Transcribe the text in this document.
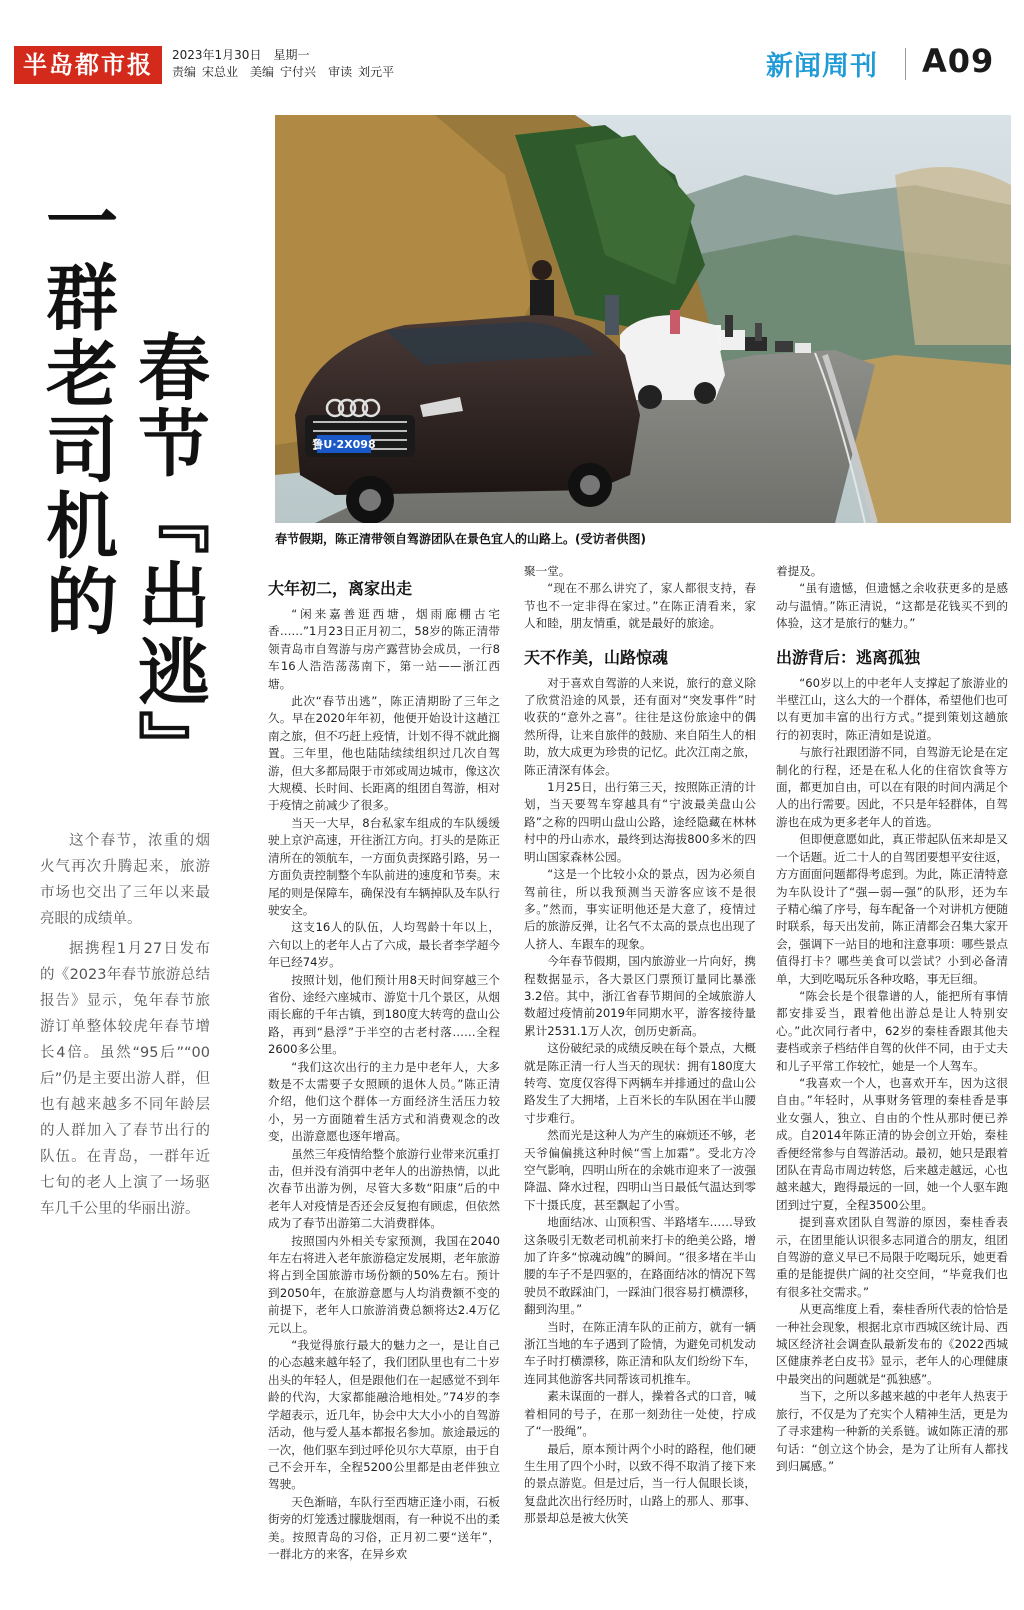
半岛都市报	2023年1月30日 星期一
责编 宋总业 美编 宁付兴 审读 刘元平	新闻周刊 A09
一群老司机的 春节『出逃』

这个春节，浓重的烟火气再次升腾起来，旅游市场也交出了三年以来最亮眼的成绩单。

据携程1月27日发布的《2023年春节旅游总结报告》显示，兔年春节旅游订单整体较虎年春节增长4倍。虽然“95后”“00后”仍是主要出游人群，但也有越来越多不同年龄层的人群加入了春节出行的队伍。在青岛，一群年近七旬的老人上演了一场驱车几千公里的华丽出游。

鲁U·2X098
春节假期，陈正清带领自驾游团队在景色宜人的山路上。(受访者供图)
大年初二，离家出走

“闲来嘉善逛西塘，烟雨廊棚古宅香……”1月23日正月初二，58岁的陈正清带领青岛市自驾游与房产露营协会成员，一行8车16人浩浩荡荡南下，第一站——浙江西塘。

此次“春节出逃”，陈正清期盼了三年之久。早在2020年年初，他便开始设计这趟江南之旅，但不巧赶上疫情，计划不得不就此搁置。三年里，他也陆陆续续组织过几次自驾游，但大多都局限于市郊或周边城市，像这次大规模、长时间、长距离的组团自驾游，相对于疫情之前减少了很多。

当天一大早，8台私家车组成的车队缓缓驶上京沪高速，开往浙江方向。打头的是陈正清所在的领航车，一方面负责探路引路，另一方面负责控制整个车队前进的速度和节奏。末尾的则是保障车，确保没有车辆掉队及车队行驶安全。

这支16人的队伍，人均驾龄十年以上，六旬以上的老年人占了六成，最长者李学超今年已经74岁。

按照计划，他们预计用8天时间穿越三个省份、途经六座城市、游览十几个景区，从烟雨长廊的千年古镇，到180度大转弯的盘山公路，再到“悬浮”于半空的古老村落……全程2600多公里。

“我们这次出行的主力是中老年人，大多数是不太需要子女照顾的退休人员。”陈正清介绍，他们这个群体一方面经济生活压力较小，另一方面随着生活方式和消费观念的改变，出游意愿也逐年增高。

虽然三年疫情给整个旅游行业带来沉重打击，但并没有消弭中老年人的出游热情，以此次春节出游为例，尽管大多数“阳康”后的中老年人对疫情是否还会反复抱有顾虑，但依然成为了春节出游第二大消费群体。

按照国内外相关专家预测，我国在2040年左右将进入老年旅游稳定发展期，老年旅游将占到全国旅游市场份额的50%左右。预计到2050年，在旅游意愿与人均消费额不变的前提下，老年人口旅游消费总额将达2.4万亿元以上。

“我觉得旅行最大的魅力之一，是让自己的心态越来越年轻了，我们团队里也有二十岁出头的年轻人，但是跟他们在一起感觉不到年龄的代沟，大家都能融洽地相处。”74岁的李学超表示，近几年，协会中大大小小的自驾游活动，他与爱人基本都报名参加。旅途最远的一次，他们驱车到过呼伦贝尔大草原，由于自己不会开车，全程5200公里都是由老伴独立驾驶。

天色渐暗，车队行至西塘正逢小雨，石板街旁的灯笼透过朦胧烟雨，有一种说不出的柔美。按照青岛的习俗，正月初二要“送年”，一群北方的来客，在异乡欢

聚一堂。

“现在不那么讲究了，家人都很支持，春节也不一定非得在家过。”在陈正清看来，家人和睦，朋友情重，就是最好的旅途。

天不作美，山路惊魂

对于喜欢自驾游的人来说，旅行的意义除了欣赏沿途的风景，还有面对“突发事件”时收获的“意外之喜”。往往是这份旅途中的偶然所得，让来自旅伴的鼓励、来自陌生人的相助，放大成更为珍贵的记忆。此次江南之旅，陈正清深有体会。

1月25日，出行第三天，按照陈正清的计划，当天要驾车穿越具有“宁波最美盘山公路”之称的四明山盘山公路，途经隐藏在林林村中的丹山赤水，最终到达海拔800多米的四明山国家森林公园。

“这是一个比较小众的景点，因为必须自驾前往，所以我预测当天游客应该不是很多。”然而，事实证明他还是大意了，疫情过后的旅游反弹，让名气不太高的景点也出现了人挤人、车跟车的现象。

今年春节假期，国内旅游业一片向好，携程数据显示，各大景区门票预订量同比暴涨3.2倍。其中，浙江省春节期间的全域旅游人数超过疫情前2019年同期水平，游客接待量累计2531.1万人次，创历史新高。

这份破纪录的成绩反映在每个景点，大概就是陈正清一行人当天的现状：拥有180度大转弯、宽度仅容得下两辆车并排通过的盘山公路发生了大拥堵，上百米长的车队困在半山腰寸步难行。

然而光是这种人为产生的麻烦还不够，老天爷偏偏挑这种时候“雪上加霜”。受北方冷空气影响，四明山所在的余姚市迎来了一波强降温、降水过程，四明山当日最低气温达到零下十摄氏度，甚至飘起了小雪。

地面结冰、山顶积雪、半路堵车……导致这条吸引无数老司机前来打卡的绝美公路，增加了许多“惊魂动魄”的瞬间。“很多堵在半山腰的车子不是四驱的，在路面结冰的情况下驾驶员不敢踩油门，一踩油门很容易打横漂移，翻到沟里。”

当时，在陈正清车队的正前方，就有一辆浙江当地的车子遇到了险情，为避免司机发动车子时打横漂移，陈正清和队友们纷纷下车，连同其他游客共同帮该司机推车。

素未谋面的一群人，操着各式的口音，喊着相同的号子，在那一刻劲往一处使，拧成了“一股绳”。

最后，原本预计两个小时的路程，他们硬生生用了四个小时，以致不得不取消了接下来的景点游览。但是过后，当一行人侃眼长谈，复盘此次出行经历时，山路上的那人、那事、那景却总是被大伙笑

着提及。

“虽有遗憾，但遗憾之余收获更多的是感动与温情。”陈正清说，“这都是花钱买不到的体验，这才是旅行的魅力。”

出游背后：逃离孤独

“60岁以上的中老年人支撑起了旅游业的半壁江山，这么大的一个群体，希望他们也可以有更加丰富的出行方式。”提到策划这趟旅行的初衷时，陈正清如是说道。

与旅行社跟团游不同，自驾游无论是在定制化的行程，还是在私人化的住宿饮食等方面，都更加自由，可以在有限的时间内满足个人的出行需要。因此，不只是年轻群体，自驾游也在成为更多老年人的首选。

但即便意愿如此，真正带起队伍来却是又一个话题。近二十人的自驾团要想平安往返，方方面面问题都得考虑到。为此，陈正清特意为车队设计了“强—弱—强”的队形，还为车子精心编了序号，每车配备一个对讲机方便随时联系，每天出发前，陈正清都会召集大家开会，强调下一站目的地和注意事项：哪些景点值得打卡？哪些美食可以尝试？小到必备清单，大到吃喝玩乐各种攻略，事无巨细。

“陈会长是个很靠谱的人，能把所有事情都安排妥当，跟着他出游总是让人特别安心。”此次同行者中，62岁的秦桂香跟其他夫妻档或亲子档结伴自驾的伙伴不同，由于丈夫和儿子平常工作较忙，她是一个人驾车。

“我喜欢一个人，也喜欢开车，因为这很自由。”年轻时，从事财务管理的秦桂香是事业女强人，独立、自由的个性从那时便已养成。自2014年陈正清的协会创立开始，秦桂香便经常参与自驾游活动。最初，她只是跟着团队在青岛市周边转悠，后来越走越远，心也越来越大，跑得最远的一回，她一个人驱车跑团到过宁夏，全程3500公里。

提到喜欢团队自驾游的原因，秦桂香表示，在团里能认识很多志同道合的朋友，组团自驾游的意义早已不局限于吃喝玩乐，她更看重的是能提供广阔的社交空间，“毕竟我们也有很多社交需求。”

从更高维度上看，秦桂香所代表的恰恰是一种社会现象，根据北京市西城区统计局、西城区经济社会调查队最新发布的《2022西城区健康养老白皮书》显示，老年人的心理健康中最突出的问题就是“孤独感”。

当下，之所以多越来越的中老年人热衷于旅行，不仅是为了充实个人精神生活，更是为了寻求建构一种新的关系链。诚如陈正清的那句话：“创立这个协会，是为了让所有人都找到归属感。”
